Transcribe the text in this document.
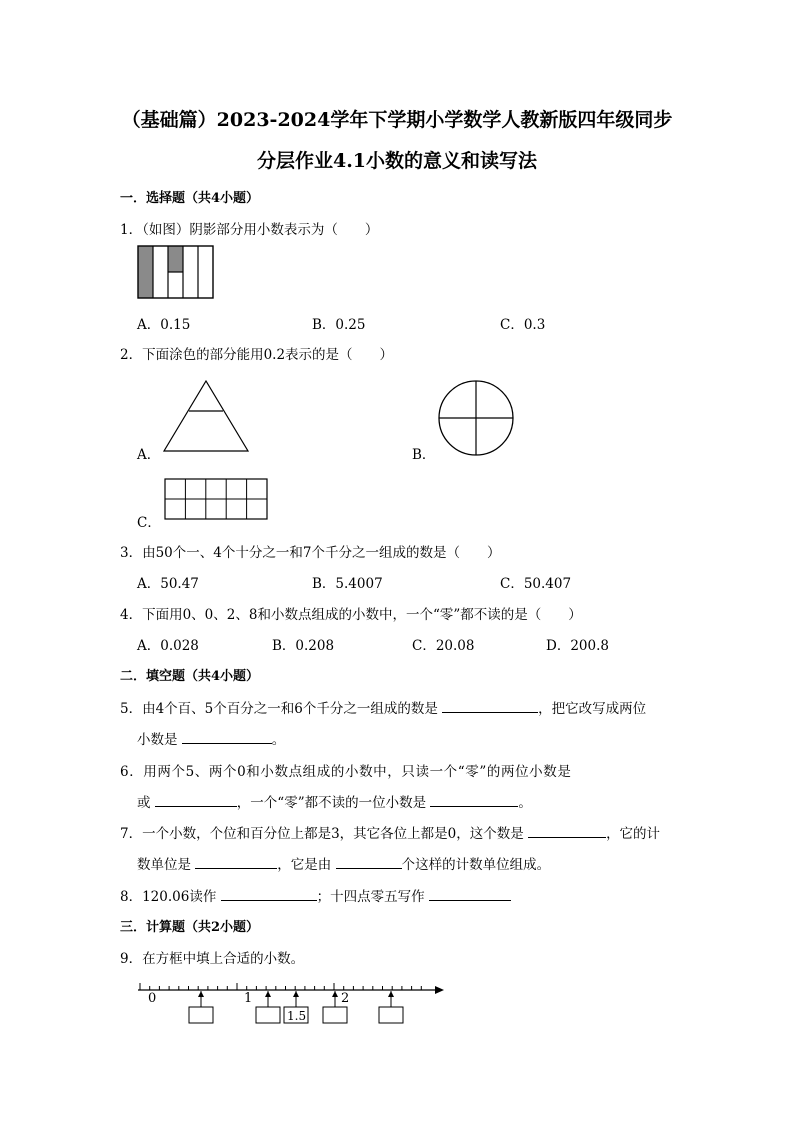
（基础篇）2023-2024学年下学期小学数学人教新版四年级同步
分层作业4.1小数的意义和读写法
一．选择题（共4小题）
1．（如图）阴影部分用小数表示为（　　）
A．0.15	B．0.25	C．0.3
2．下面涂色的部分能用0.2表示的是（　　）
A．	B．
C．
3．由50个一、4个十分之一和7个千分之一组成的数是（　　）
A．50.47	B．5.4007	C．50.407
4．下面用0、0、2、8和小数点组成的小数中，一个“零”都不读的是（　　）
A．0.028	B．0.208	C．20.08	D．200.8
二．填空题（共4小题）
5．由4个百、5个百分之一和6个千分之一组成的数是	，把它改写成两位
小数是	。
6．用两个5、两个0和小数点组成的小数中，只读一个“零”的两位小数是
或	，一个“零”都不读的一位小数是	。
7．一个小数，个位和百分位上都是3，其它各位上都是0，这个数是	，它的计
数单位是	，它是由	个这样的计数单位组成。
8．120.06读作	；十四点零五写作
三．计算题（共2小题）
9．在方框中填上合适的小数。
0	1	2
1.5
